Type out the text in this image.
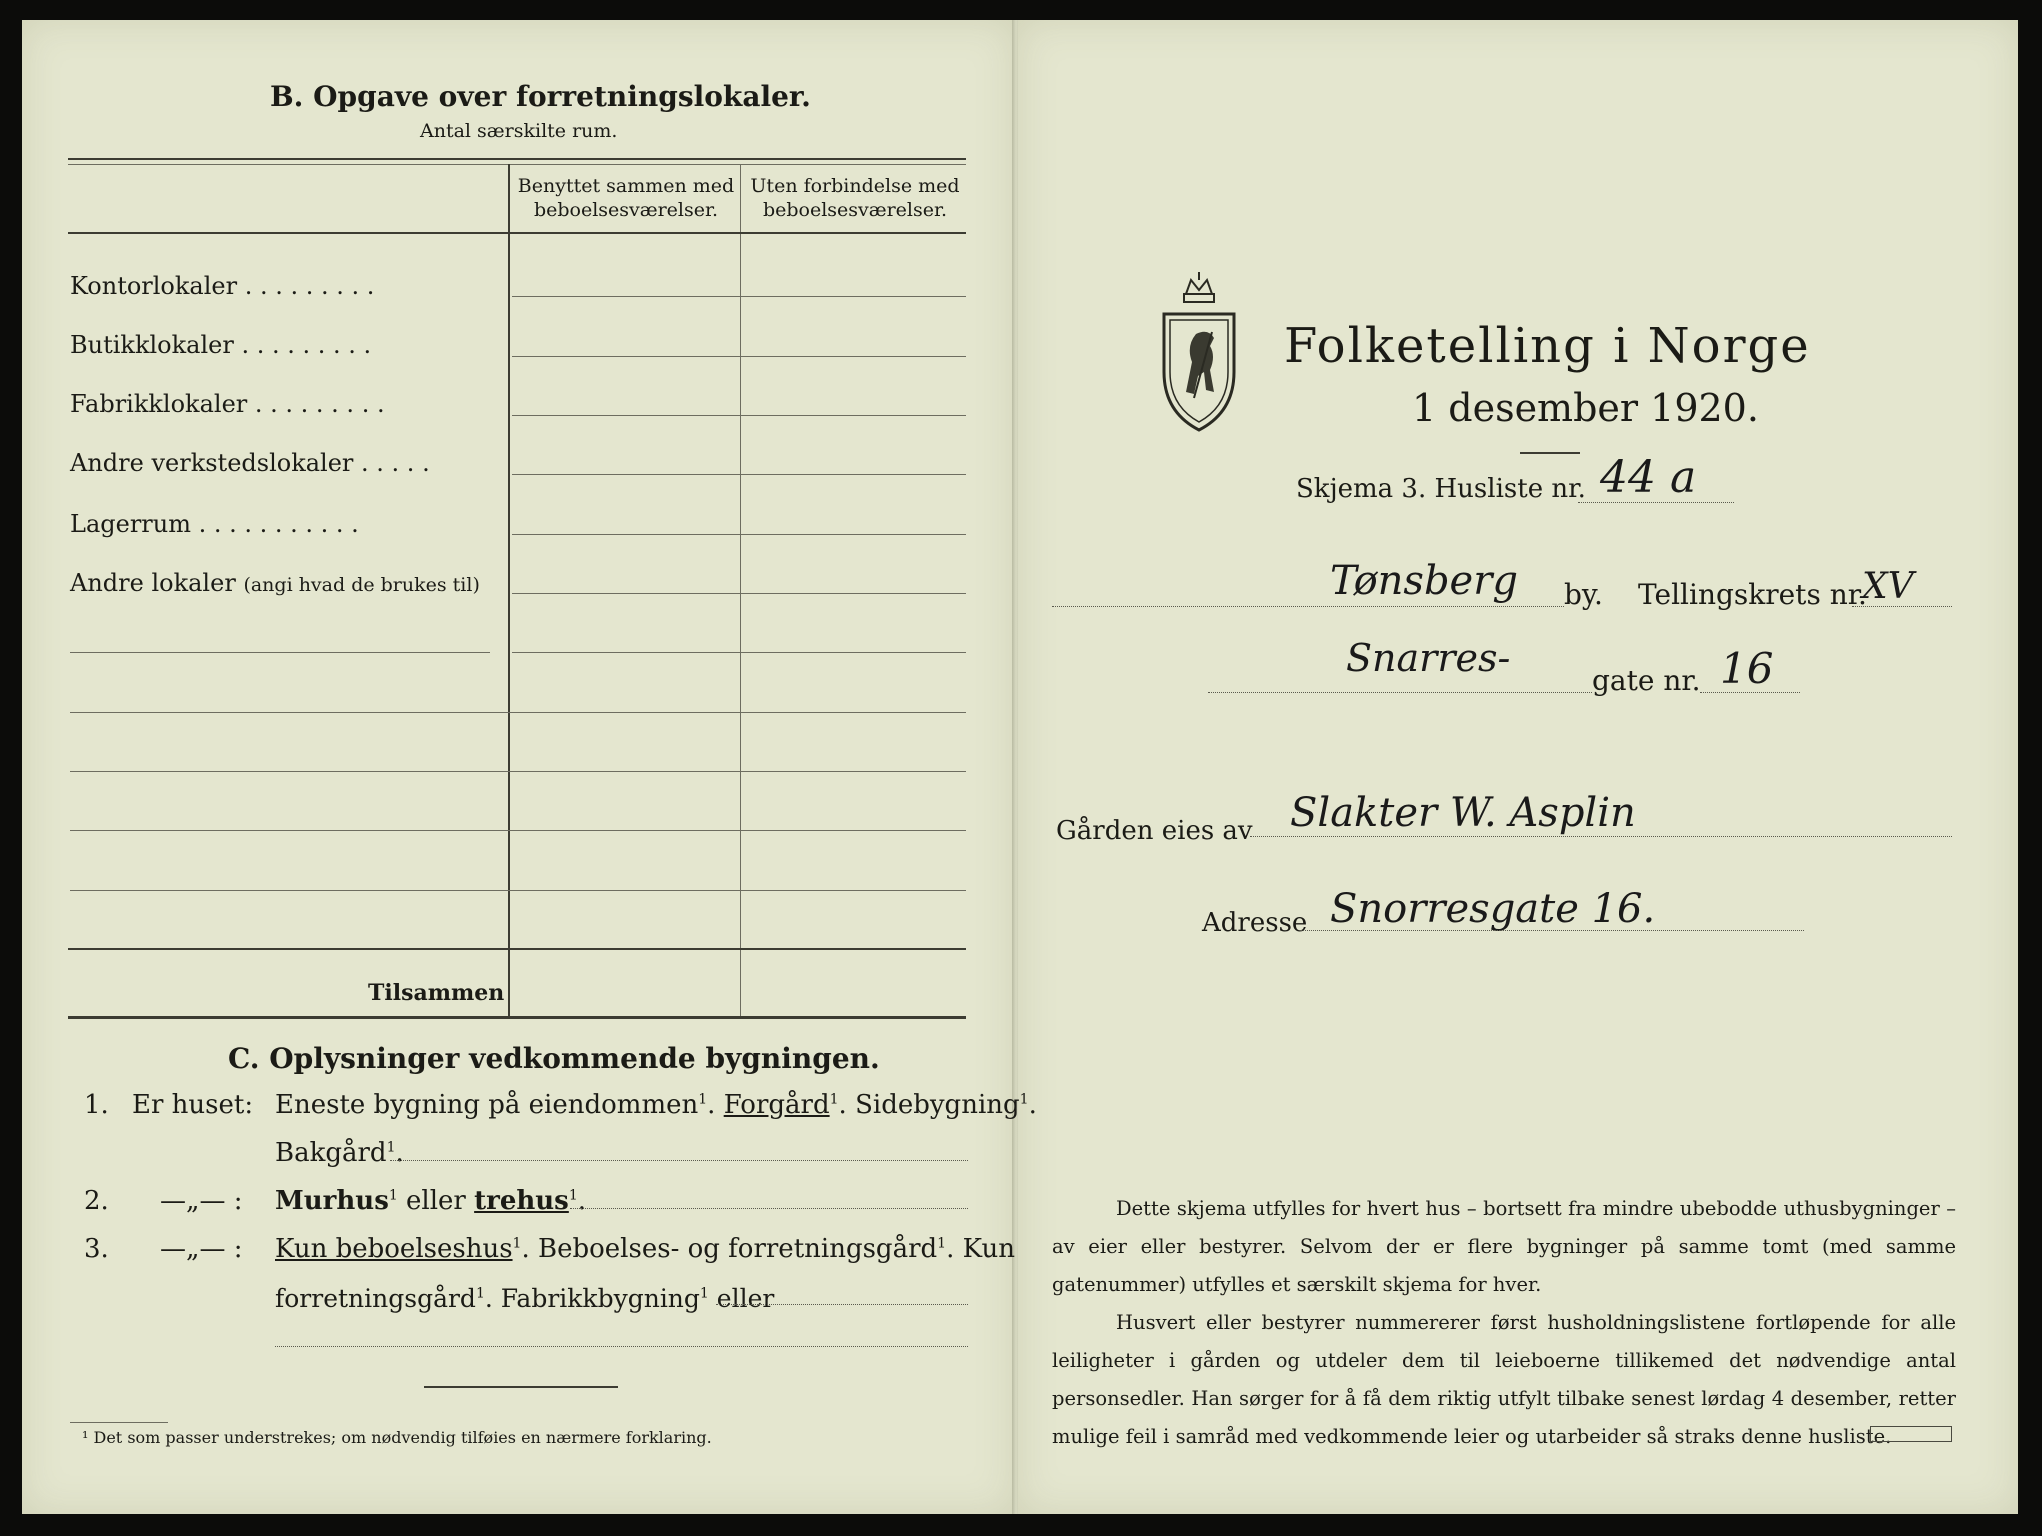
B. Opgave over forretningslokaler.
Antal særskilte rum.
Benyttet sammen med beboelsesværelser.
Uten forbindelse med beboelsesværelser.
Kontorlokaler . . . . . . . . .
Butikklokaler . . . . . . . . .
Fabrikklokaler . . . . . . . . .
Andre verkstedslokaler . . . . .
Lagerrum . . . . . . . . . . .
Andre lokaler (angi hvad de brukes til)
Tilsammen
C. Oplysninger vedkommende bygningen.
1. Er huset: Eneste bygning på eiendommen$^1$. Forgård$^1$. Sidebygning$^1$.
Bakgård$^1$.
2. —„— : Murhus$^1$ eller trehus$^1$.
3. —„— : Kun beboelseshus$^1$. Beboelses- og forretningsgård$^1$. Kun
forretningsgård$^1$. Fabrikkbygning$^1$ eller
¹ Det som passer understrekes; om nødvendig tilføies en nærmere forklaring.
Folketelling i Norge
1 desember 1920.
Skjema 3. Husliste nr. 44 a
Tønsberg by. Tellingskrets nr.
XV
Snarres-
gate nr. 16
Gården eies av Slakter W. Asplin
Adresse Snorresgate 16.
Dette skjema utfylles for hvert hus – bortsett fra mindre ubebodde uthusbygninger – av eier eller bestyrer. Selvom der er flere bygninger på samme tomt (med samme gatenummer) utfylles et særskilt skjema for hver.
Husvert eller bestyrer nummererer først husholdningslistene fortløpende for alle leiligheter i gården og utdeler dem til leieboerne tillikemed det nødvendige antal personsedler. Han sørger for å få dem riktig utfylt tilbake senest lørdag 4 desember, retter mulige feil i samråd med vedkommende leier og utarbeider så straks denne husliste.
